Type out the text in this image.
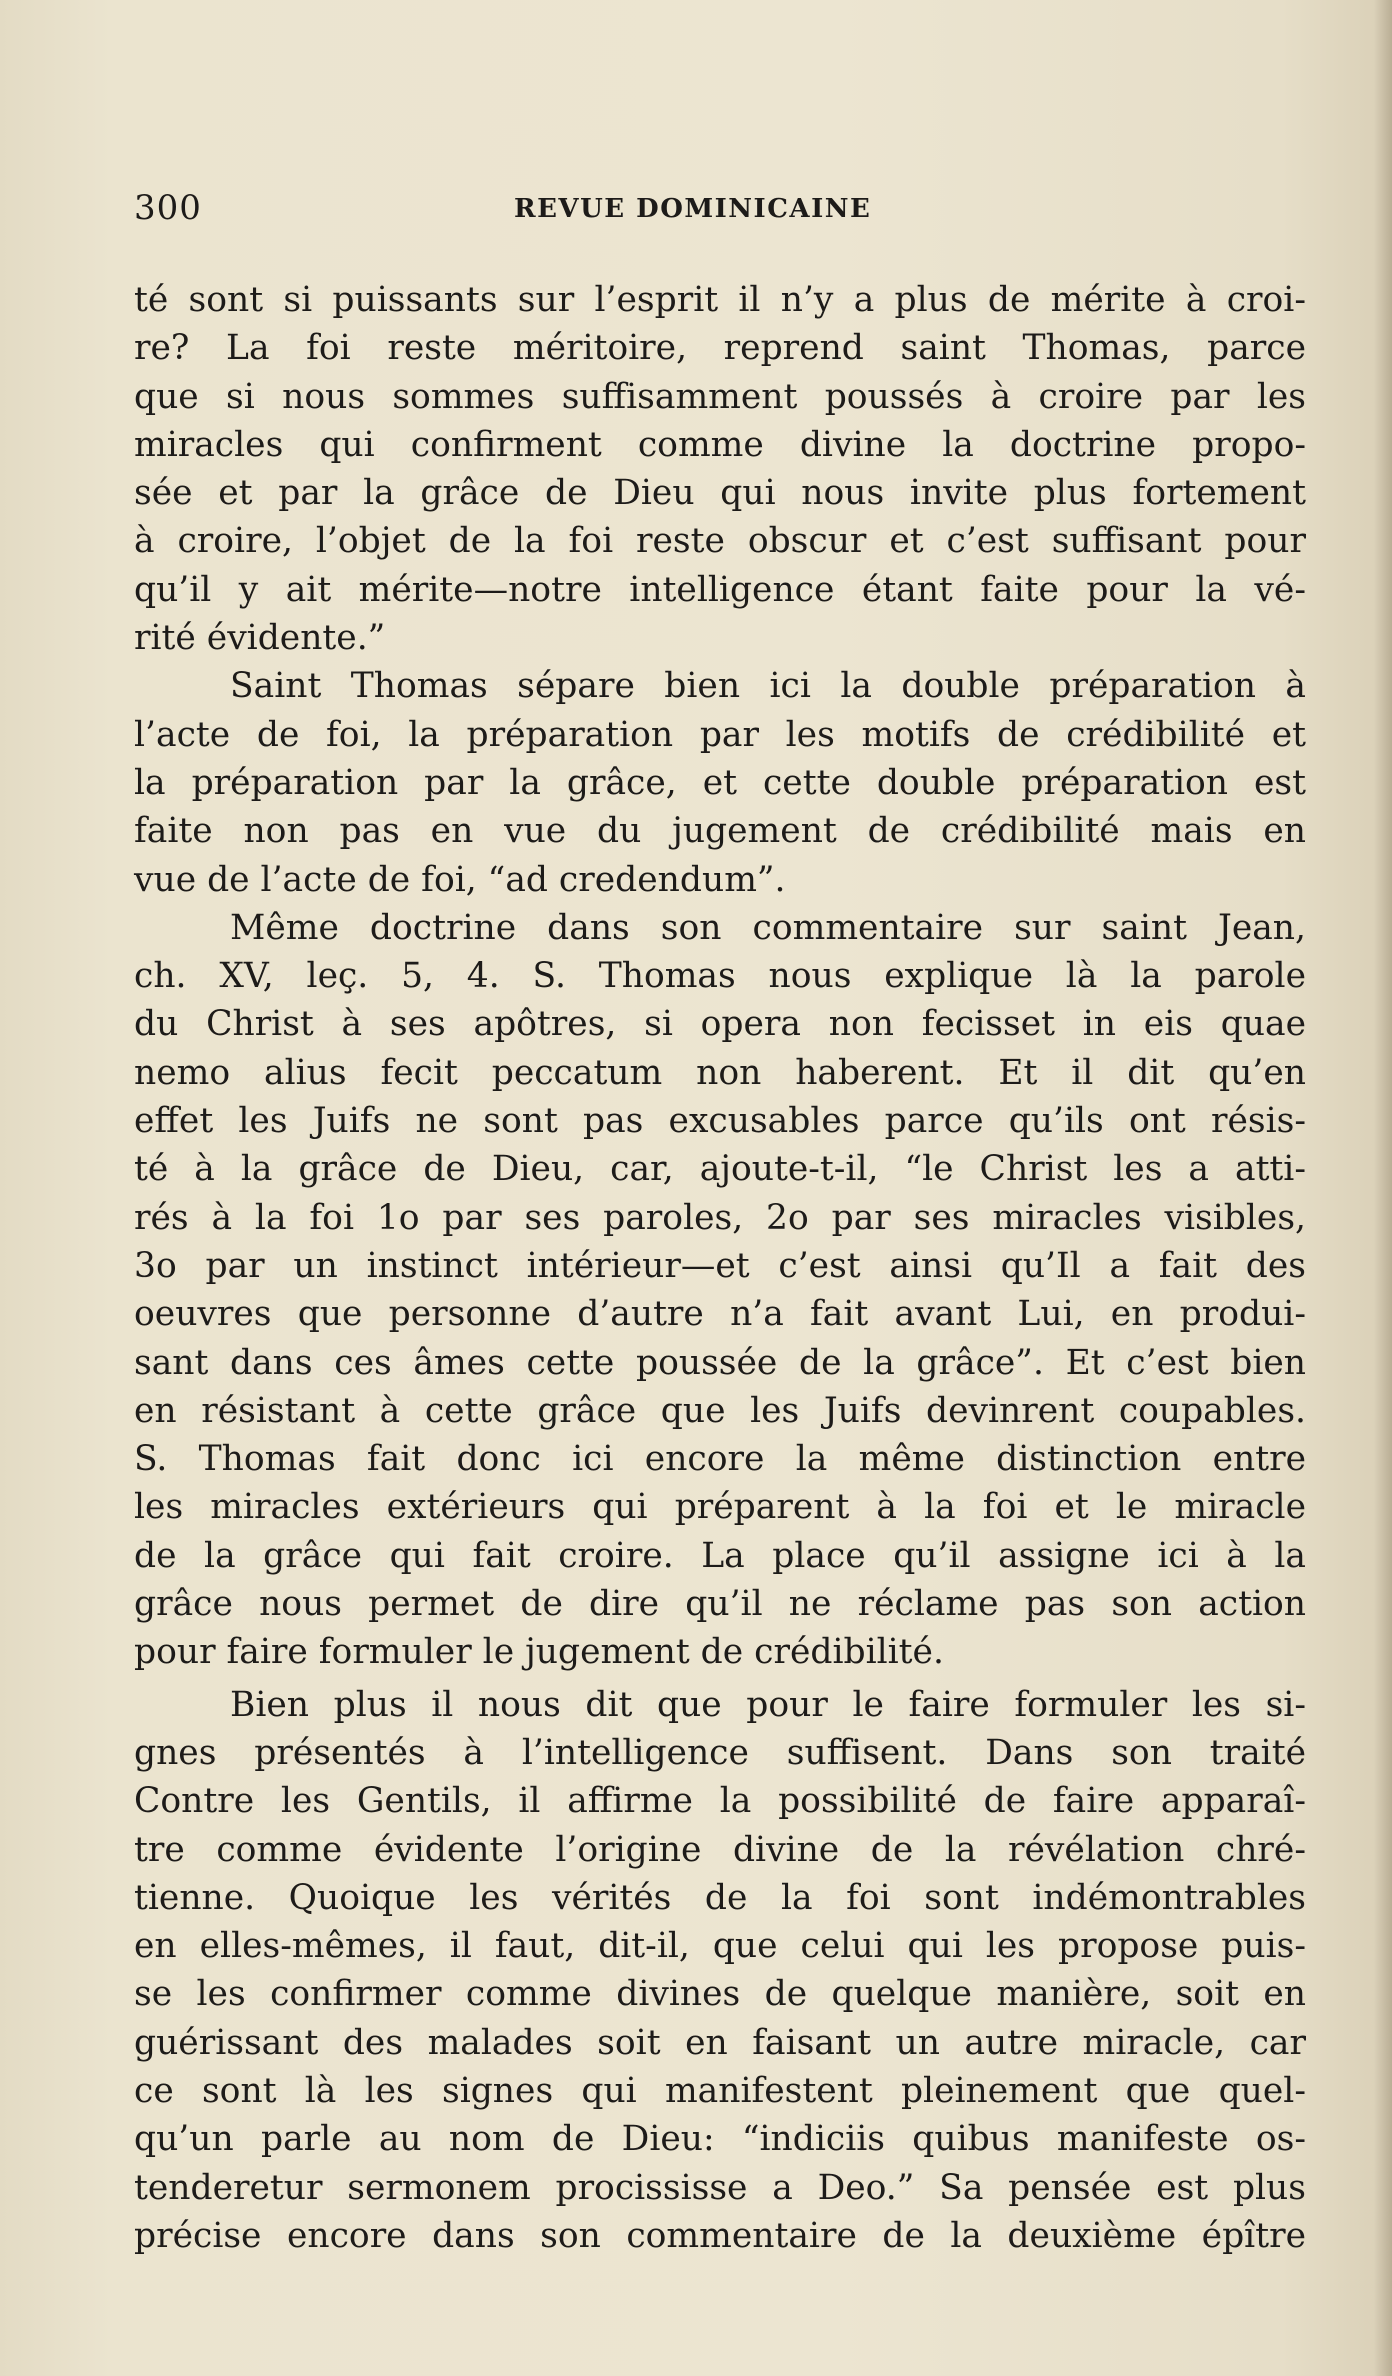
300	REVUE DOMINICAINE
té sont si puissants sur l’esprit il n’y a plus de mérite à croi-
re? La foi reste méritoire, reprend saint Thomas, parce
que si nous sommes suffisamment poussés à croire par les
miracles qui confirment comme divine la doctrine propo-
sée et par la grâce de Dieu qui nous invite plus fortement
à croire, l’objet de la foi reste obscur et c’est suffisant pour
qu’il y ait mérite—notre intelligence étant faite pour la vé-
rité évidente.”
Saint Thomas sépare bien ici la double préparation à
l’acte de foi, la préparation par les motifs de crédibilité et
la préparation par la grâce, et cette double préparation est
faite non pas en vue du jugement de crédibilité mais en
vue de l’acte de foi, “ad credendum”.
Même doctrine dans son commentaire sur saint Jean,
ch. XV, leç. 5, 4. S. Thomas nous explique là la parole
du Christ à ses apôtres, si opera non fecisset in eis quae
nemo alius fecit peccatum non haberent. Et il dit qu’en
effet les Juifs ne sont pas excusables parce qu’ils ont résis-
té à la grâce de Dieu, car, ajoute-t-il, “le Christ les a atti-
rés à la foi 1o par ses paroles, 2o par ses miracles visibles,
3o par un instinct intérieur—et c’est ainsi qu’Il a fait des
oeuvres que personne d’autre n’a fait avant Lui, en produi-
sant dans ces âmes cette poussée de la grâce”. Et c’est bien
en résistant à cette grâce que les Juifs devinrent coupables.
S. Thomas fait donc ici encore la même distinction entre
les miracles extérieurs qui préparent à la foi et le miracle
de la grâce qui fait croire. La place qu’il assigne ici à la
grâce nous permet de dire qu’il ne réclame pas son action
pour faire formuler le jugement de crédibilité.
Bien plus il nous dit que pour le faire formuler les si-
gnes présentés à l’intelligence suffisent. Dans son traité
Contre les Gentils, il affirme la possibilité de faire apparaî-
tre comme évidente l’origine divine de la révélation chré-
tienne. Quoique les vérités de la foi sont indémontrables
en elles-mêmes, il faut, dit-il, que celui qui les propose puis-
se les confirmer comme divines de quelque manière, soit en
guérissant des malades soit en faisant un autre miracle, car
ce sont là les signes qui manifestent pleinement que quel-
qu’un parle au nom de Dieu: “indiciis quibus manifeste os-
tenderetur sermonem procississe a Deo.” Sa pensée est plus
précise encore dans son commentaire de la deuxième épître
